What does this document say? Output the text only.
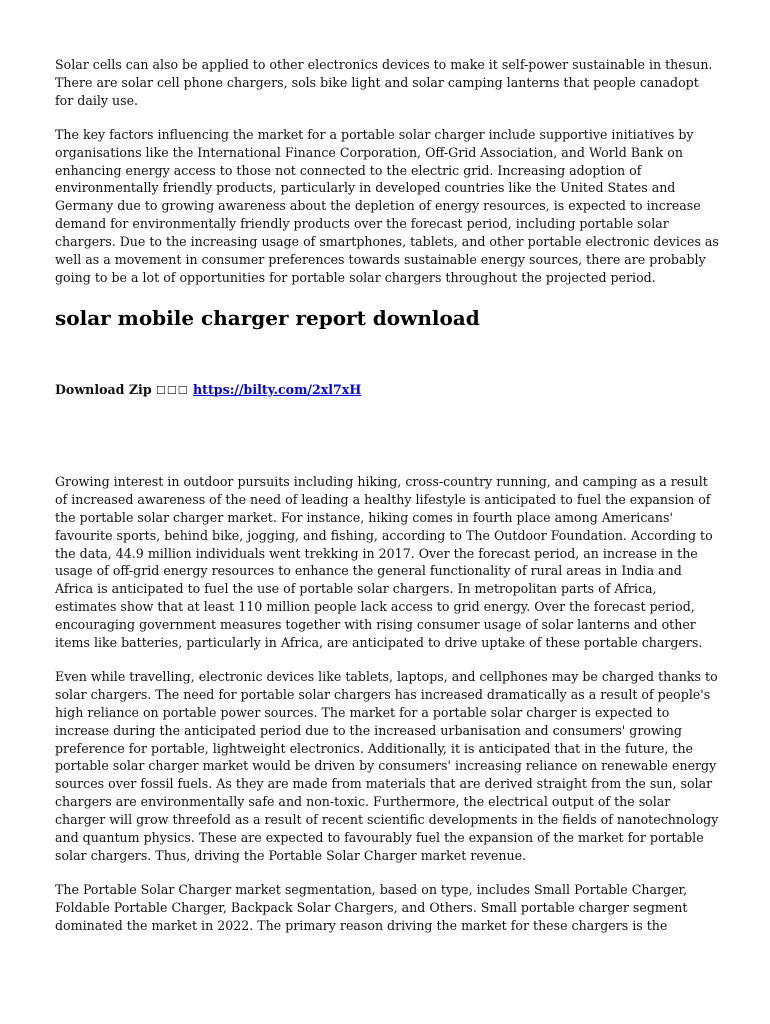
Solar cells can also be applied to other electronics devices to make it self-power sustainable in thesun. There are solar cell phone chargers, sols bike light and solar camping lanterns that people canadopt for daily use.

The key factors influencing the market for a portable solar charger include supportive initiatives by organisations like the International Finance Corporation, Off-Grid Association, and World Bank on enhancing energy access to those not connected to the electric grid. Increasing adoption of environmentally friendly products, particularly in developed countries like the United States and Germany due to growing awareness about the depletion of energy resources, is expected to increase demand for environmentally friendly products over the forecast period, including portable solar chargers. Due to the increasing usage of smartphones, tablets, and other portable electronic devices as well as a movement in consumer preferences towards sustainable energy sources, there are probably going to be a lot of opportunities for portable solar chargers throughout the projected period.

solar mobile charger report download
Download Zip ☐☐☐ https://bilty.com/2xl7xH

Growing interest in outdoor pursuits including hiking, cross-country running, and camping as a result of increased awareness of the need of leading a healthy lifestyle is anticipated to fuel the expansion of the portable solar charger market. For instance, hiking comes in fourth place among Americans' favourite sports, behind bike, jogging, and fishing, according to The Outdoor Foundation. According to the data, 44.9 million individuals went trekking in 2017. Over the forecast period, an increase in the usage of off-grid energy resources to enhance the general functionality of rural areas in India and Africa is anticipated to fuel the use of portable solar chargers. In metropolitan parts of Africa, estimates show that at least 110 million people lack access to grid energy. Over the forecast period, encouraging government measures together with rising consumer usage of solar lanterns and other items like batteries, particularly in Africa, are anticipated to drive uptake of these portable chargers.

Even while travelling, electronic devices like tablets, laptops, and cellphones may be charged thanks to solar chargers. The need for portable solar chargers has increased dramatically as a result of people's high reliance on portable power sources. The market for a portable solar charger is expected to increase during the anticipated period due to the increased urbanisation and consumers' growing preference for portable, lightweight electronics. Additionally, it is anticipated that in the future, the portable solar charger market would be driven by consumers' increasing reliance on renewable energy sources over fossil fuels. As they are made from materials that are derived straight from the sun, solar chargers are environmentally safe and non-toxic. Furthermore, the electrical output of the solar charger will grow threefold as a result of recent scientific developments in the fields of nanotechnology and quantum physics. These are expected to favourably fuel the expansion of the market for portable solar chargers. Thus, driving the Portable Solar Charger market revenue.

The Portable Solar Charger market segmentation, based on type, includes Small Portable Charger, Foldable Portable Charger, Backpack Solar Chargers, and Others. Small portable charger segment dominated the market in 2022. The primary reason driving the market for these chargers is the
